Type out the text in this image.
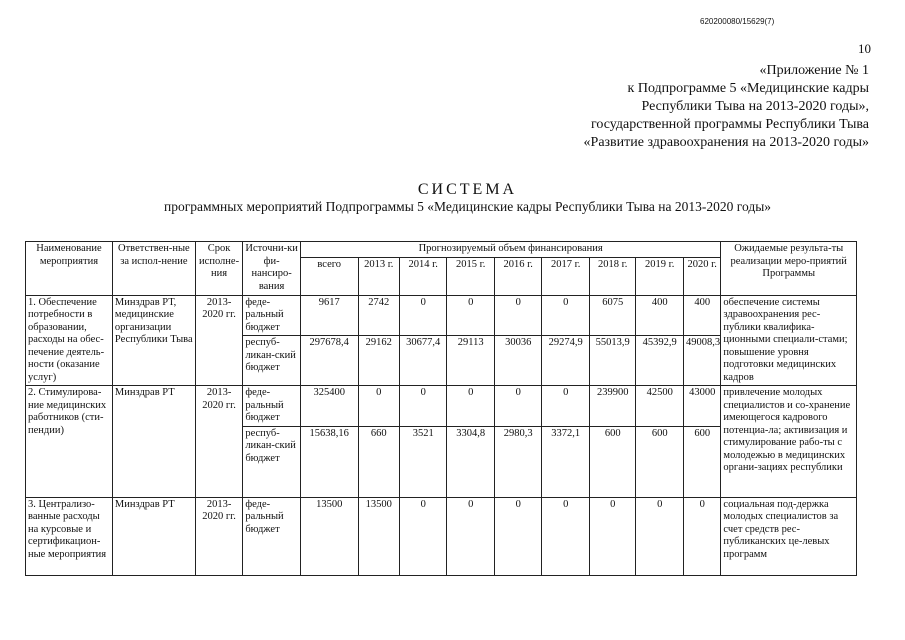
620200080/15629(7)
10
«Приложение № 1
к Подпрограмме 5 «Медицинские кадры
Республики Тыва на 2013-2020 годы»,
государственной программы Республики Тыва
«Развитие здравоохранения на 2013-2020 годы»
СИСТЕМА
программных мероприятий Подпрограммы 5 «Медицинские кадры Республики Тыва на 2013-2020 годы»
Наименование мероприятия	Ответствен-ные за испол-нение	Срок исполне-ния	Источни-ки фи-нансиро-вания	Прогнозируемый объем финансирования									Ожидаемые результа-ты реализации меро-приятий Программы
				всего	2013 г.	2014 г.	2015 г.	2016 г.	2017 г.	2018 г.	2019 г.	2020 г.	
1. Обеспечение потребности в образовании, расходы на обес-печение деятель-ности (оказание услуг)	Минздрав РТ, медицинские организации Республики Тыва	2013-2020 гг.	феде-ральный бюджет	9617	2742	0	0	0	0	6075	400	400	обеспечение системы здравоохранения рес-публики квалифика-ционными специали-стами; повышение уровня подготовки медицинских кадров
			респуб-ликан-ский бюджет	297678,4	29162	30677,4	29113	30036	29274,9	55013,9	45392,9	49008,3	
2. Стимулирова-ние медицинских работников (сти-пендии)	Минздрав РТ	2013-2020 гг.	феде-ральный бюджет	325400	0	0	0	0	0	239900	42500	43000	привлечение молодых специалистов и со-хранение имеющегося кадрового потенциа-ла; активизация и стимулирование рабо-ты с молодежью в медицинских органи-зациях республики
			респуб-ликан-ский бюджет	15638,16	660	3521	3304,8	2980,3	3372,1	600	600	600	
3. Централизо-ванные расходы на курсовые и сертификацион-ные мероприятия	Минздрав РТ	2013-2020 гг.	феде-ральный бюджет	13500	13500	0	0	0	0	0	0	0	социальная под-держка молодых специалистов за счет средств рес-публиканских це-левых программ
